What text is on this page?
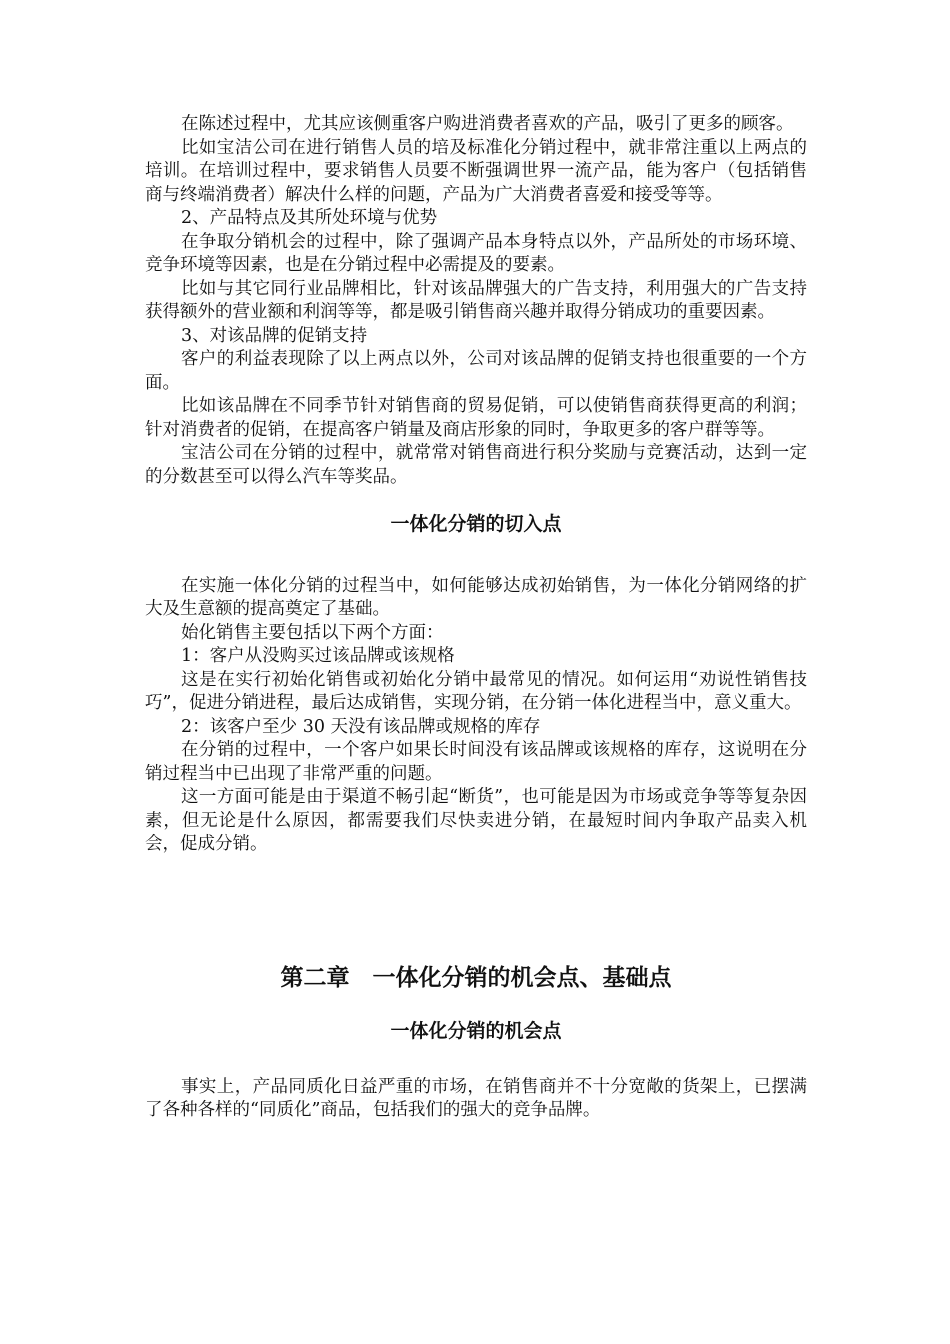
在陈述过程中，尤其应该侧重客户购进消费者喜欢的产品，吸引了更多的顾客。

比如宝洁公司在进行销售人员的培及标准化分销过程中，就非常注重以上两点的培训。在培训过程中，要求销售人员要不断强调世界一流产品，能为客户（包括销售商与终端消费者）解决什么样的问题，产品为广大消费者喜爱和接受等等。

2、产品特点及其所处环境与优势

在争取分销机会的过程中，除了强调产品本身特点以外，产品所处的市场环境、竞争环境等因素，也是在分销过程中必需提及的要素。

比如与其它同行业品牌相比，针对该品牌强大的广告支持，利用强大的广告支持获得额外的营业额和利润等等，都是吸引销售商兴趣并取得分销成功的重要因素。

3、对该品牌的促销支持

客户的利益表现除了以上两点以外，公司对该品牌的促销支持也很重要的一个方面。

比如该品牌在不同季节针对销售商的贸易促销，可以使销售商获得更高的利润；针对消费者的促销，在提高客户销量及商店形象的同时，争取更多的客户群等等。

宝洁公司在分销的过程中，就常常对销售商进行积分奖励与竞赛活动，达到一定的分数甚至可以得么汽车等奖品。

一体化分销的切入点

在实施一体化分销的过程当中，如何能够达成初始销售，为一体化分销网络的扩大及生意额的提高奠定了基础。

始化销售主要包括以下两个方面：

1：客户从没购买过该品牌或该规格

这是在实行初始化销售或初始化分销中最常见的情况。如何运用“劝说性销售技巧”，促进分销进程，最后达成销售，实现分销，在分销一体化进程当中，意义重大。

2：该客户至少 30 天没有该品牌或规格的库存

在分销的过程中，一个客户如果长时间没有该品牌或该规格的库存，这说明在分销过程当中已出现了非常严重的问题。

这一方面可能是由于渠道不畅引起“断货”，也可能是因为市场或竞争等等复杂因素，但无论是什么原因，都需要我们尽快卖进分销，在最短时间内争取产品卖入机会，促成分销。

第二章　一体化分销的机会点、基础点

一体化分销的机会点

事实上，产品同质化日益严重的市场，在销售商并不十分宽敞的货架上，已摆满了各种各样的“同质化”商品，包括我们的强大的竞争品牌。
